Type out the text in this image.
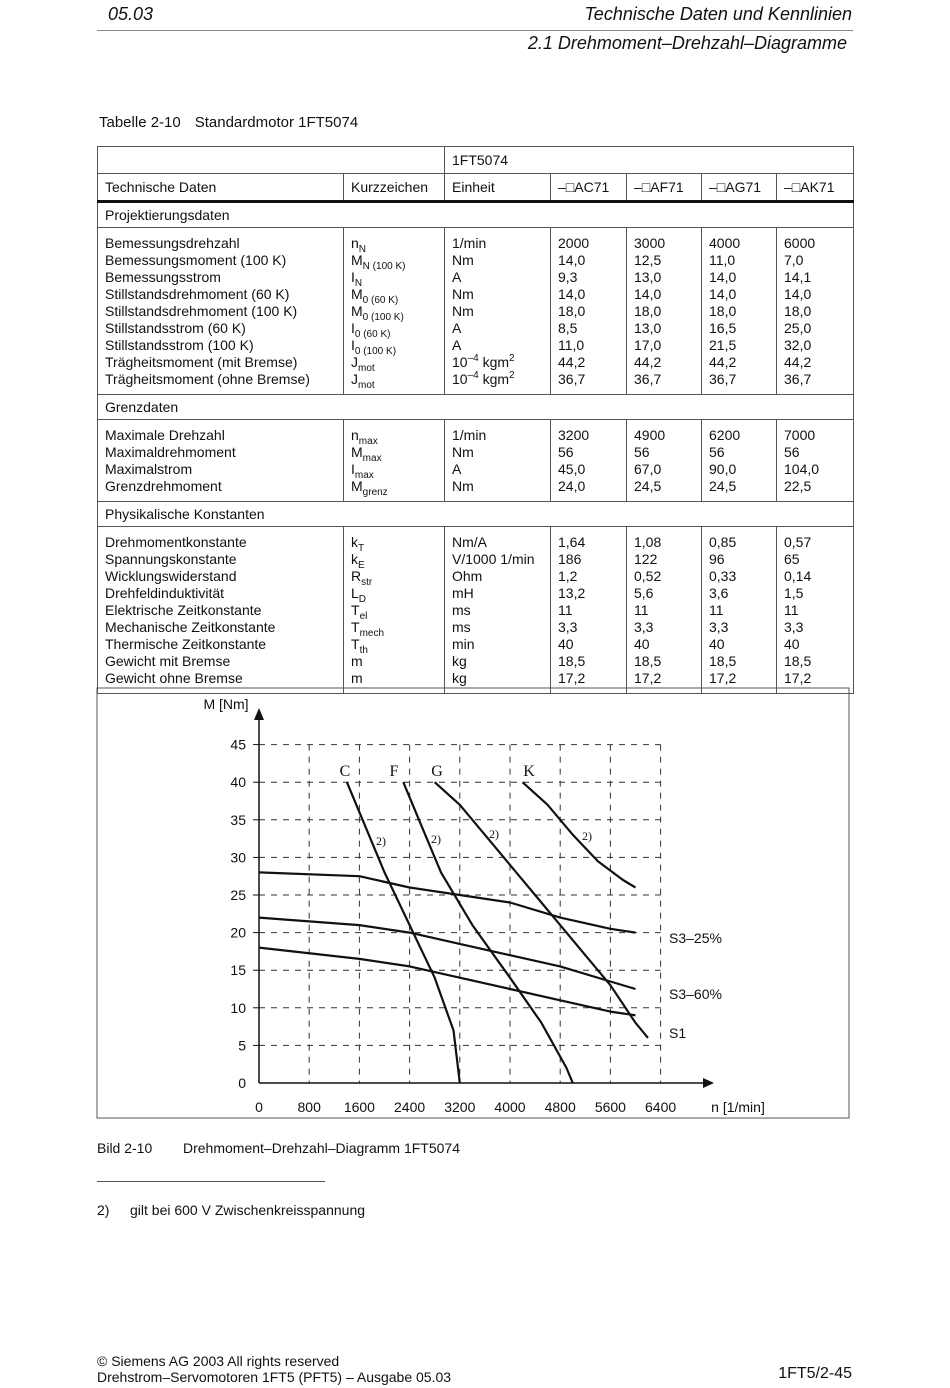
05.03	Technische Daten und Kennlinien
2.1 Drehmoment–Drehzahl–Diagramme
Tabelle 2-10 Standardmotor 1FT5074
		1FT5074				
Technische Daten	Kurzzeichen	Einheit	–□AC71	–□AF71	–□AG71	–□AK71
Projektierungsdaten						
Bemessungsdrehzahl	$n_N$	1/min	2000	3000	4000	6000
Bemessungsmoment (100 K)	$M_{N (100 K)}$	Nm	14,0	12,5	11,0	7,0
Bemessungsstrom	$I_N$	A	9,3	13,0	14,0	14,1
Stillstandsdrehmoment (60 K)	$M_{0 (60 K)}$	Nm	14,0	14,0	14,0	14,0
Stillstandsdrehmoment (100 K)	$M_{0 (100 K)}$	Nm	18,0	18,0	18,0	18,0
Stillstandsstrom (60 K)	$I_{0 (60 K)}$	A	8,5	13,0	16,5	25,0
Stillstandsstrom (100 K)	$I_{0 (100 K)}$	A	11,0	17,0	21,5	32,0
Trägheitsmoment (mit Bremse)	$J_{mot}$	$10^{-4}$ kgm$^2$	44,2	44,2	44,2	44,2
Trägheitsmoment (ohne Bremse)	$J_{mot}$	$10^{-4}$ kgm$^2$	36,7	36,7	36,7	36,7
Grenzdaten						
Maximale Drehzahl	$n_{max}$	1/min	3200	4900	6200	7000
Maximaldrehmoment	$M_{max}$	Nm	56	56	56	56
Maximalstrom	$I_{max}$	A	45,0	67,0	90,0	104,0
Grenzdrehmoment	$M_{grenz}$	Nm	24,0	24,5	24,5	22,5
Physikalische Konstanten						
Drehmomentkonstante	$k_T$	Nm/A	1,64	1,08	0,85	0,57
Spannungskonstante	$k_E$	V/1000 1/min	186	122	96	65
Wicklungswiderstand	$R_{str}$	Ohm	1,2	0,52	0,33	0,14
Drehfeldinduktivität	$L_D$	mH	13,2	5,6	3,6	1,5
Elektrische Zeitkonstante	$T_{el}$	ms	11	11	11	11
Mechanische Zeitkonstante	$T_{mech}$	ms	3,3	3,3	3,3	3,3
Thermische Zeitkonstante	$T_{th}$	min	40	40	40	40
Gewicht mit Bremse	m	kg	18,5	18,5	18,5	18,5
Gewicht ohne Bremse	m	kg	17,2	17,2	17,2	17,2
0
5
10
15
20
25
30
35
40
45
0 800 1600 2400 3200 4000 4800 5600 6400
M [Nm]
n [1/min]
S3–25%
S3–60%
S1
C F G	K
2)	2)	2)	2)
Bild 2-10 Drehmoment–Drehzahl–Diagramm 1FT5074
2) gilt bei 600 V Zwischenkreisspannung
© Siemens AG 2003 All rights reserved
Drehstrom–Servomotoren 1FT5 (PFT5) – Ausgabe 05.03	1FT5/2-45
